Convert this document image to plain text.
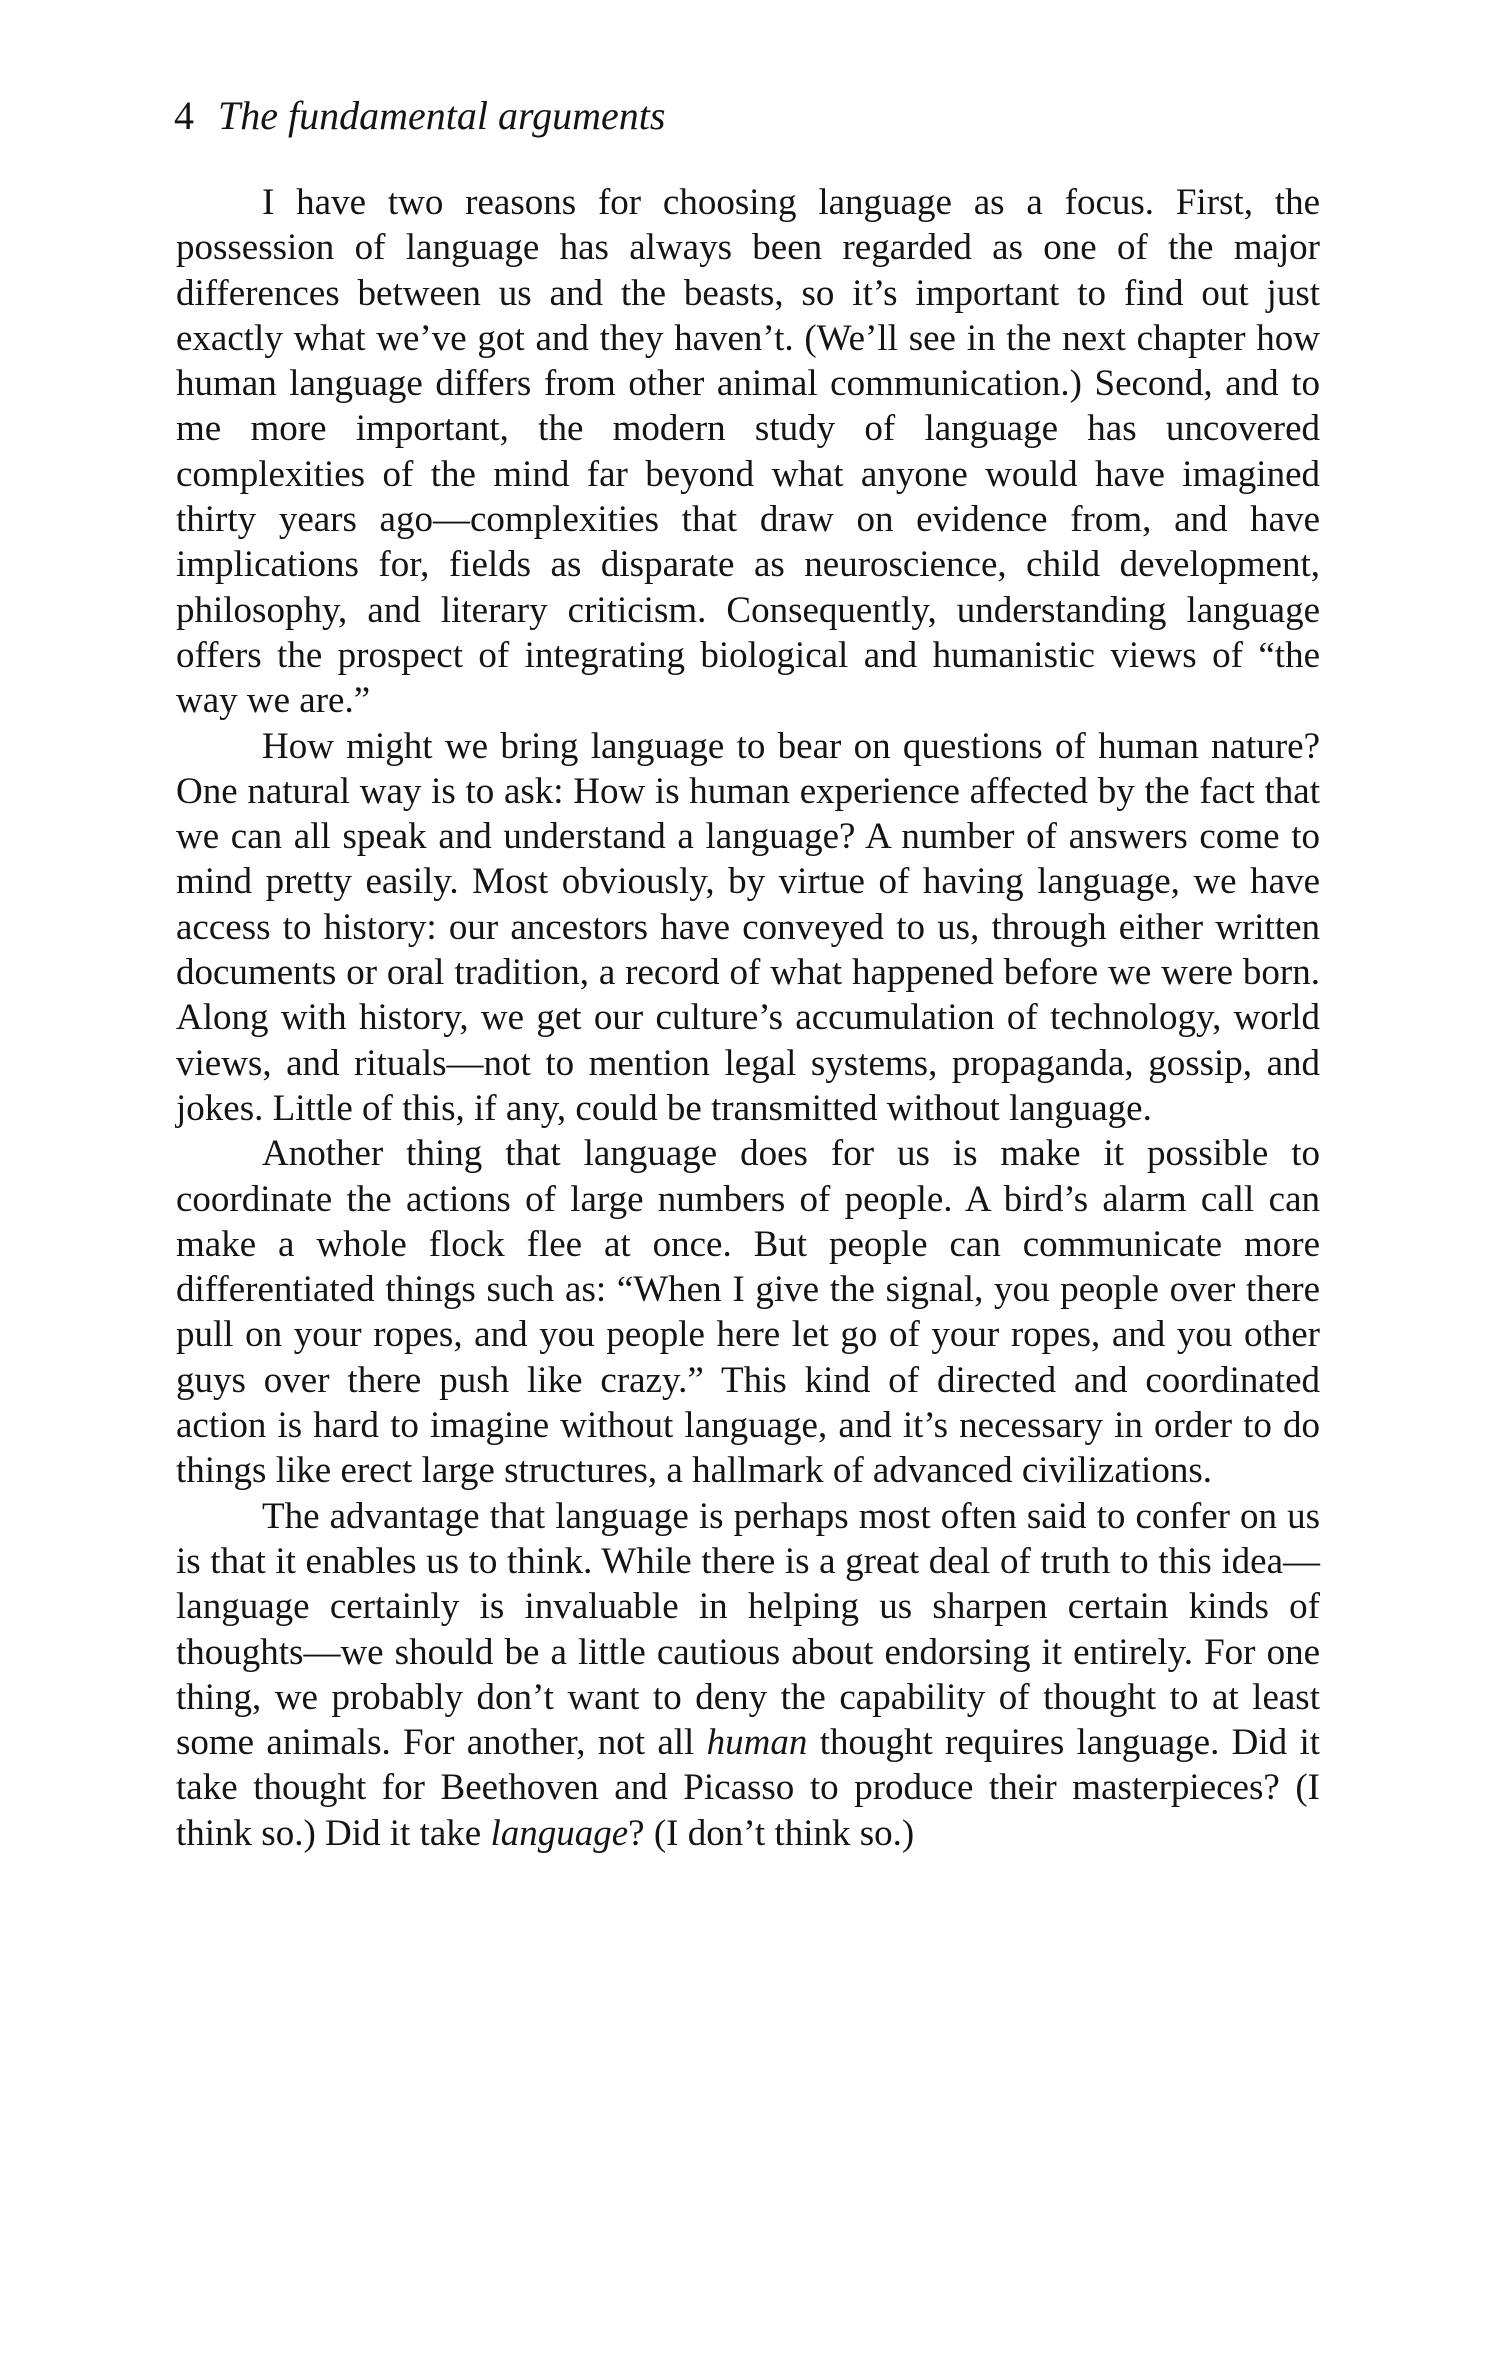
4 The fundamental arguments

I have two reasons for choosing language as a focus. First, the possession of language has always been regarded as one of the major differences between us and the beasts, so it’s important to find out just exactly what we’ve got and they haven’t. (We’ll see in the next chapter how human language differs from other animal communication.) Second, and to me more important, the modern study of language has uncovered complexities of the mind far beyond what anyone would have imagined thirty years ago—complexities that draw on evidence from, and have implications for, fields as disparate as neuroscience, child development, philosophy, and literary criticism. Consequently, understanding language offers the prospect of integrating biological and humanistic views of “the way we are.”

How might we bring language to bear on questions of human nature? One natural way is to ask: How is human experience affected by the fact that we can all speak and understand a language? A number of answers come to mind pretty easily. Most obviously, by virtue of having language, we have access to history: our ancestors have conveyed to us, through either written documents or oral tradition, a record of what happened before we were born. Along with history, we get our culture’s accumulation of technology, world views, and rituals—not to mention legal systems, propaganda, gossip, and jokes. Little of this, if any, could be transmitted without language.

Another thing that language does for us is make it possible to coordinate the actions of large numbers of people. A bird’s alarm call can make a whole flock flee at once. But people can communicate more differentiated things such as: “When I give the signal, you people over there pull on your ropes, and you people here let go of your ropes, and you other guys over there push like crazy.” This kind of directed and coordinated action is hard to imagine without language, and it’s necessary in order to do things like erect large structures, a hallmark of advanced civilizations.

The advantage that language is perhaps most often said to confer on us is that it enables us to think. While there is a great deal of truth to this idea—language certainly is invaluable in helping us sharpen certain kinds of thoughts—we should be a little cautious about endorsing it entirely. For one thing, we probably don’t want to deny the capability of thought to at least some animals. For another, not all human thought requires language. Did it take thought for Beethoven and Picasso to produce their masterpieces? (I think so.) Did it take language? (I don’t think so.)
